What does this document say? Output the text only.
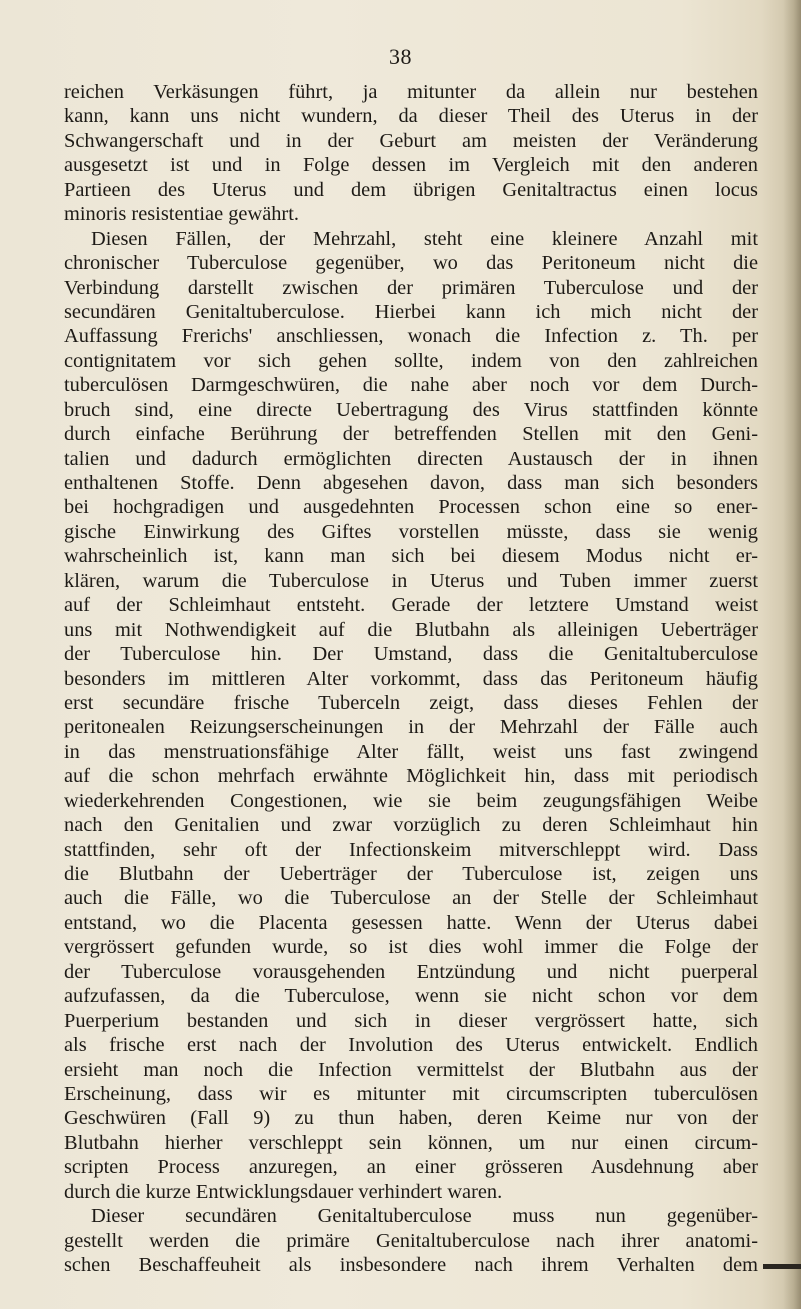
38
reichen Verkäsungen führt, ja mitunter da allein nur bestehen
kann, kann uns nicht wundern, da dieser Theil des Uterus in der
Schwangerschaft und in der Geburt am meisten der Veränderung
ausgesetzt ist und in Folge dessen im Vergleich mit den anderen
Partieen des Uterus und dem übrigen Genitaltractus einen locus
minoris resistentiae gewährt.
Diesen Fällen, der Mehrzahl, steht eine kleinere Anzahl mit
chronischer Tuberculose gegenüber, wo das Peritoneum nicht die
Verbindung darstellt zwischen der primären Tuberculose und der
secundären Genitaltuberculose. Hierbei kann ich mich nicht der
Auffassung Frerichs' anschliessen, wonach die Infection z. Th. per
contignitatem vor sich gehen sollte, indem von den zahlreichen
tuberculösen Darmgeschwüren, die nahe aber noch vor dem Durch-
bruch sind, eine directe Uebertragung des Virus stattfinden könnte
durch einfache Berührung der betreffenden Stellen mit den Geni-
talien und dadurch ermöglichten directen Austausch der in ihnen
enthaltenen Stoffe. Denn abgesehen davon, dass man sich besonders
bei hochgradigen und ausgedehnten Processen schon eine so ener-
gische Einwirkung des Giftes vorstellen müsste, dass sie wenig
wahrscheinlich ist, kann man sich bei diesem Modus nicht er-
klären, warum die Tuberculose in Uterus und Tuben immer zuerst
auf der Schleimhaut entsteht. Gerade der letztere Umstand weist
uns mit Nothwendigkeit auf die Blutbahn als alleinigen Ueberträger
der Tuberculose hin. Der Umstand, dass die Genitaltuberculose
besonders im mittleren Alter vorkommt, dass das Peritoneum häufig
erst secundäre frische Tuberceln zeigt, dass dieses Fehlen der
peritonealen Reizungserscheinungen in der Mehrzahl der Fälle auch
in das menstruationsfähige Alter fällt, weist uns fast zwingend
auf die schon mehrfach erwähnte Möglichkeit hin, dass mit periodisch
wiederkehrenden Congestionen, wie sie beim zeugungsfähigen Weibe
nach den Genitalien und zwar vorzüglich zu deren Schleimhaut hin
stattfinden, sehr oft der Infectionskeim mitverschleppt wird. Dass
die Blutbahn der Ueberträger der Tuberculose ist, zeigen uns
auch die Fälle, wo die Tuberculose an der Stelle der Schleimhaut
entstand, wo die Placenta gesessen hatte. Wenn der Uterus dabei
vergrössert gefunden wurde, so ist dies wohl immer die Folge der
der Tuberculose vorausgehenden Entzündung und nicht puerperal
aufzufassen, da die Tuberculose, wenn sie nicht schon vor dem
Puerperium bestanden und sich in dieser vergrössert hatte, sich
als frische erst nach der Involution des Uterus entwickelt. Endlich
ersieht man noch die Infection vermittelst der Blutbahn aus der
Erscheinung, dass wir es mitunter mit circumscripten tuberculösen
Geschwüren (Fall 9) zu thun haben, deren Keime nur von der
Blutbahn hierher verschleppt sein können, um nur einen circum-
scripten Process anzuregen, an einer grösseren Ausdehnung aber
durch die kurze Entwicklungsdauer verhindert waren.
Dieser secundären Genitaltuberculose muss nun gegenüber-
gestellt werden die primäre Genitaltuberculose nach ihrer anatomi-
schen Beschaffeuheit als insbesondere nach ihrem Verhalten dem
